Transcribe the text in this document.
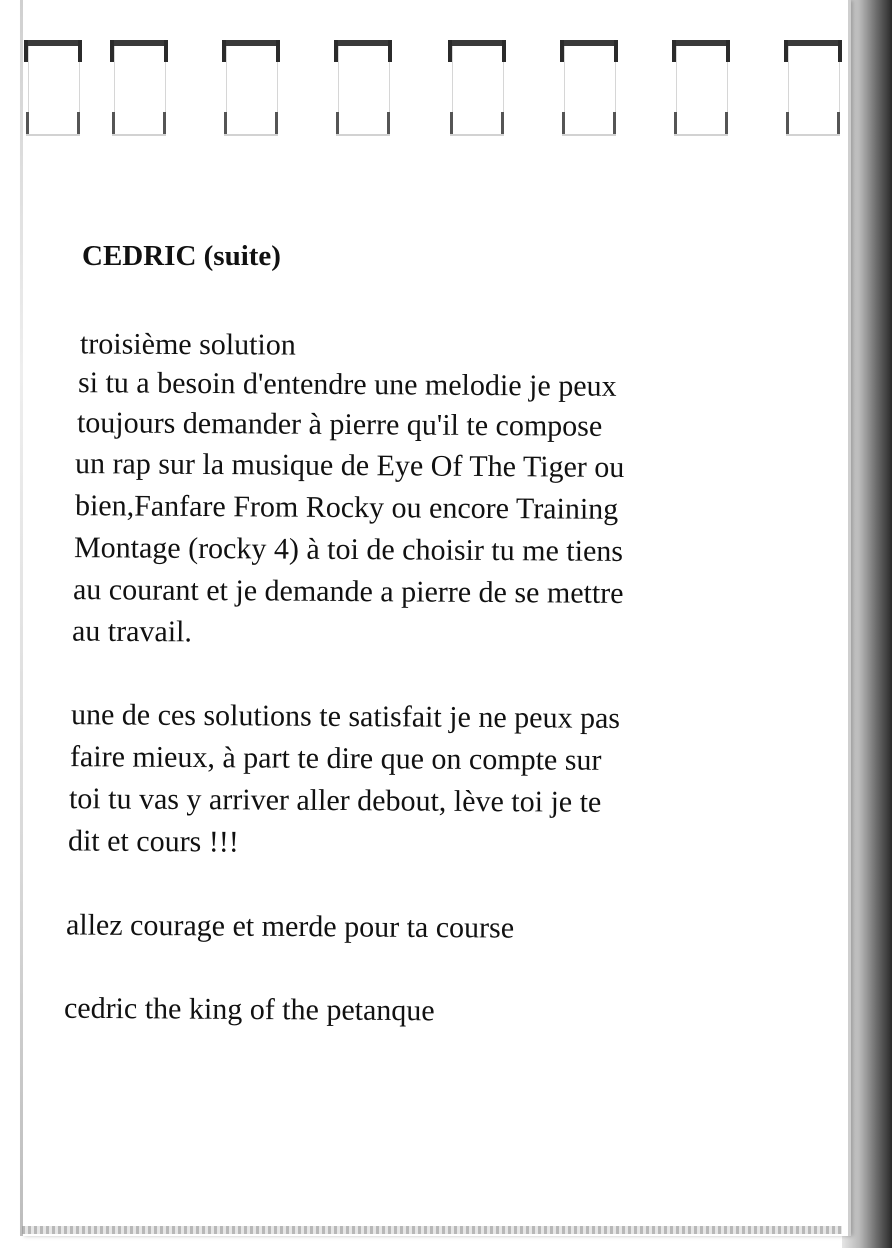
CEDRIC (suite)
troisième solution
si tu a besoin d'entendre une melodie je peux
toujours demander à pierre qu'il te compose
un rap sur la musique de Eye Of The Tiger ou
bien,Fanfare From Rocky ou encore Training
Montage (rocky 4) à toi de choisir tu me tiens
au courant et je demande a pierre de se mettre
au travail.
une de ces solutions te satisfait je ne peux pas
faire mieux, à part te dire que on compte sur
toi tu vas y arriver aller debout, lève toi je te
dit et cours !!!
allez courage et merde pour ta course
cedric the king of the petanque
